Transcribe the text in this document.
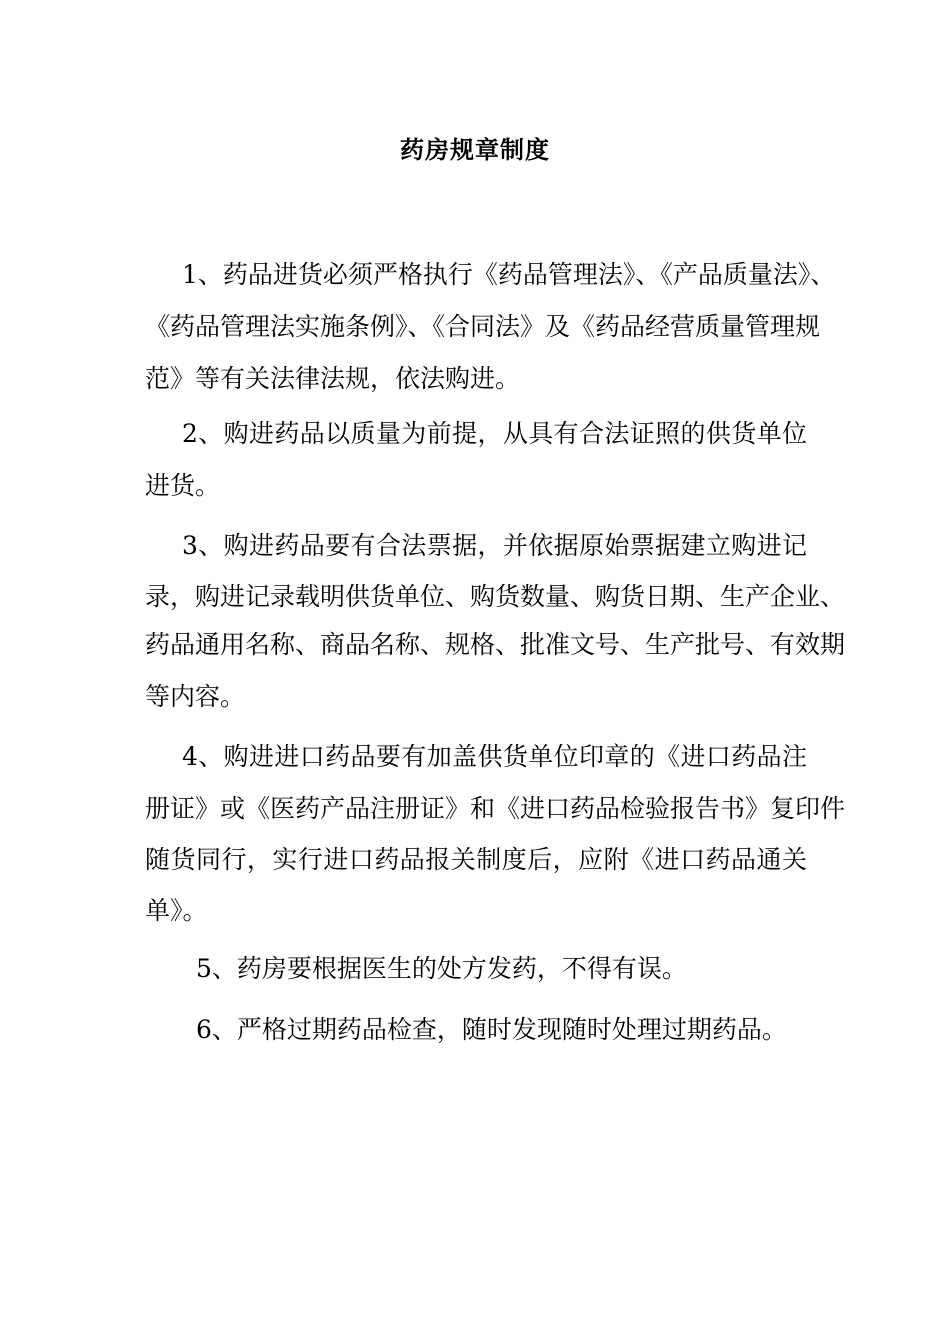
药房规章制度
1、药品进货必须严格执行《药品管理法》、《产品质量法》、
《药品管理法实施条例》、《合同法》及《药品经营质量管理规
范》等有关法律法规，依法购进。
2、购进药品以质量为前提，从具有合法证照的供货单位
进货。
3、购进药品要有合法票据，并依据原始票据建立购进记
录，购进记录载明供货单位、购货数量、购货日期、生产企业、
药品通用名称、商品名称、规格、批准文号、生产批号、有效期
等内容。
4、购进进口药品要有加盖供货单位印章的《进口药品注
册证》或《医药产品注册证》和《进口药品检验报告书》复印件
随货同行，实行进口药品报关制度后，应附《进口药品通关
单》。
5、药房要根据医生的处方发药，不得有误。
6、严格过期药品检查，随时发现随时处理过期药品。
